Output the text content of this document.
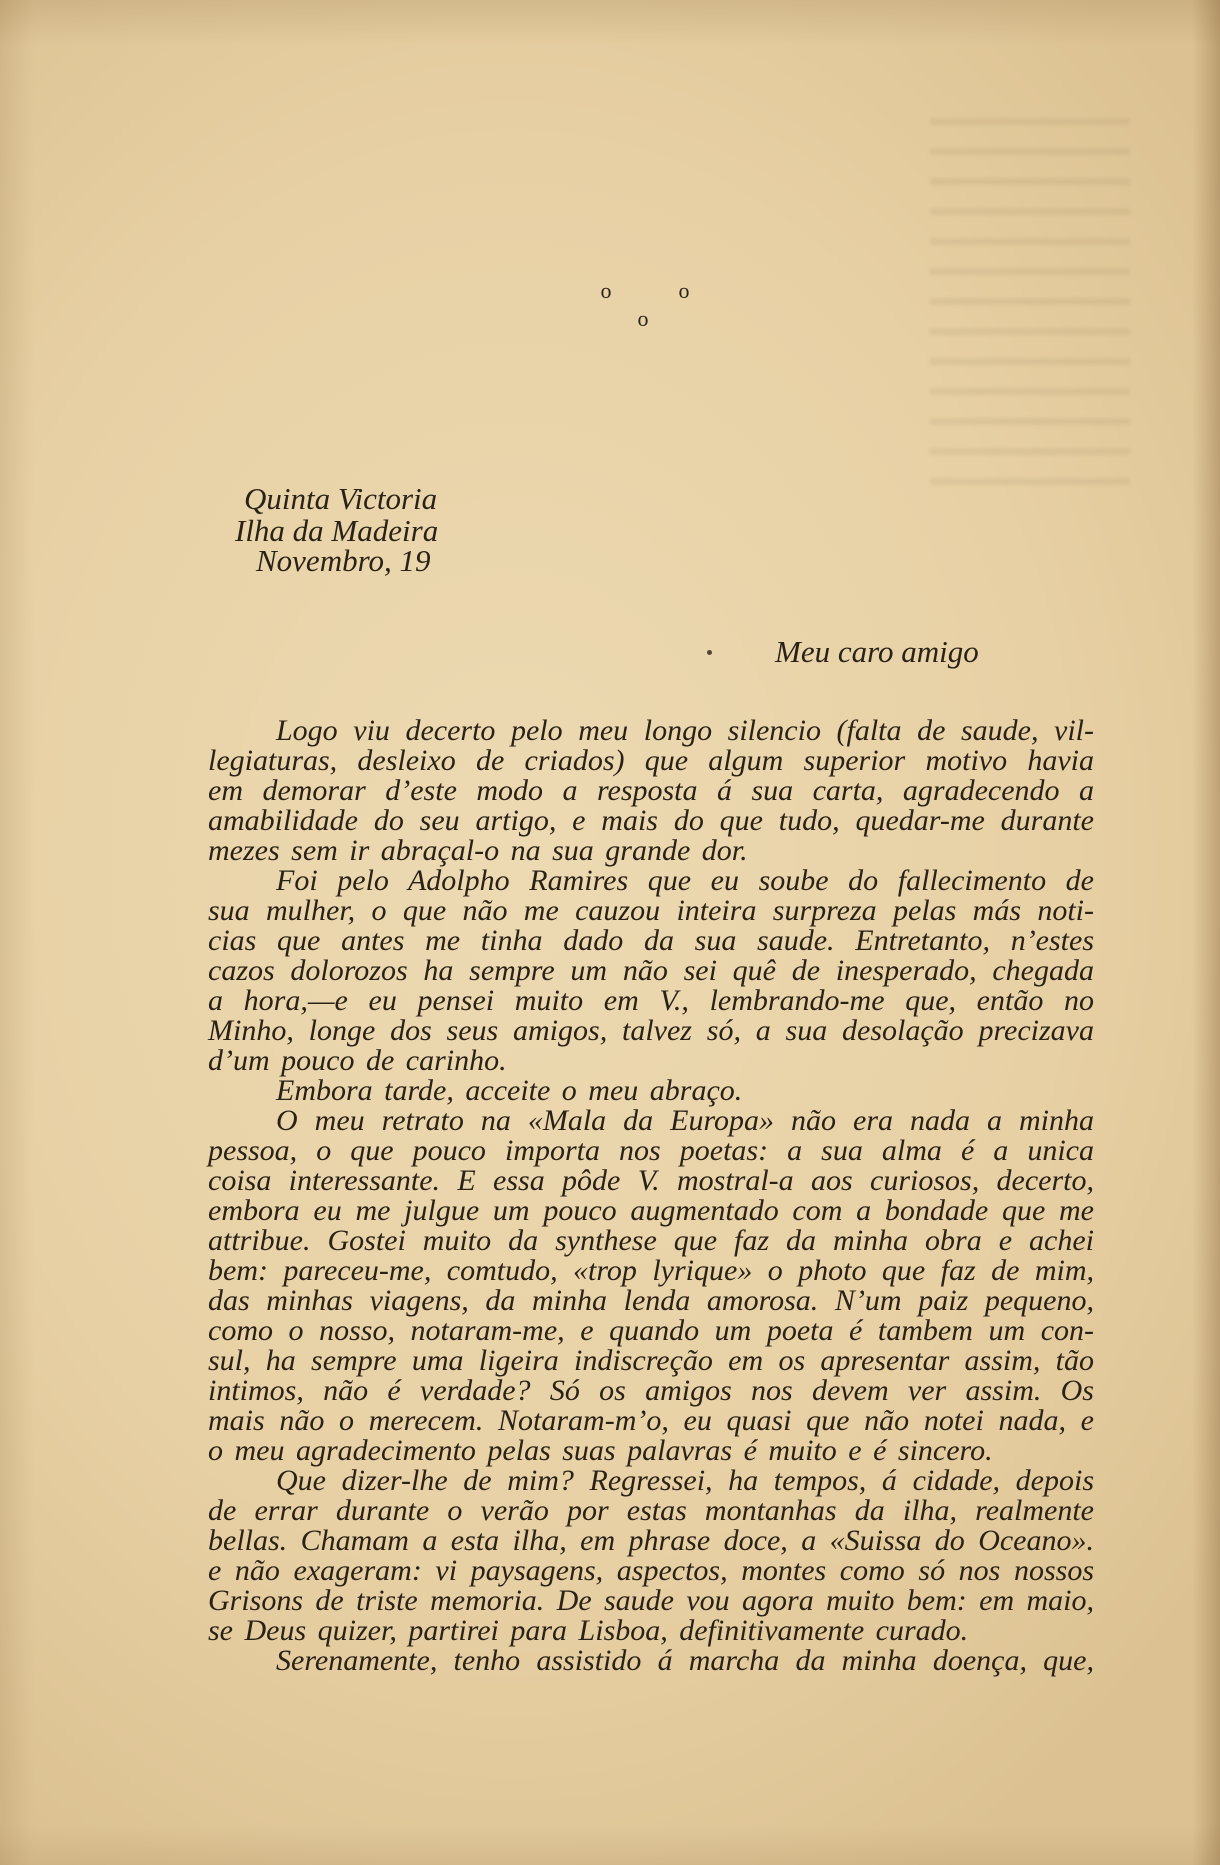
o	o
o
Quinta Victoria
Ilha da Madeira
Novembro, 19
Meu caro amigo
Logo viu decerto pelo meu longo silencio (falta de saude, vil-
legiaturas, desleixo de criados) que algum superior motivo havia
em demorar d’este modo a resposta á sua carta, agradecendo a
amabilidade do seu artigo, e mais do que tudo, quedar-me durante
mezes sem ir abraçal-o na sua grande dor.
Foi pelo Adolpho Ramires que eu soube do fallecimento de
sua mulher, o que não me cauzou inteira surpreza pelas más noti-
cias que antes me tinha dado da sua saude. Entretanto, n’estes
cazos dolorozos ha sempre um não sei quê de inesperado, chegada
a hora,—e eu pensei muito em V., lembrando-me que, então no
Minho, longe dos seus amigos, talvez só, a sua desolação precizava
d’um pouco de carinho.
Embora tarde, acceite o meu abraço.
O meu retrato na «Mala da Europa» não era nada a minha
pessoa, o que pouco importa nos poetas: a sua alma é a unica
coisa interessante. E essa pôde V. mostral-a aos curiosos, decerto,
embora eu me julgue um pouco augmentado com a bondade que me
attribue. Gostei muito da synthese que faz da minha obra e achei
bem: pareceu-me, comtudo, «trop lyrique» o photo que faz de mim,
das minhas viagens, da minha lenda amorosa. N’um paiz pequeno,
como o nosso, notaram-me, e quando um poeta é tambem um con-
sul, ha sempre uma ligeira indiscreção em os apresentar assim, tão
intimos, não é verdade? Só os amigos nos devem ver assim. Os
mais não o merecem. Notaram-m’o, eu quasi que não notei nada, e
o meu agradecimento pelas suas palavras é muito e é sincero.
Que dizer-lhe de mim? Regressei, ha tempos, á cidade, depois
de errar durante o verão por estas montanhas da ilha, realmente
bellas. Chamam a esta ilha, em phrase doce, a «Suissa do Oceano».
e não exageram: vi paysagens, aspectos, montes como só nos nossos
Grisons de triste memoria. De saude vou agora muito bem: em maio,
se Deus quizer, partirei para Lisboa, definitivamente curado.
Serenamente, tenho assistido á marcha da minha doença, que,
